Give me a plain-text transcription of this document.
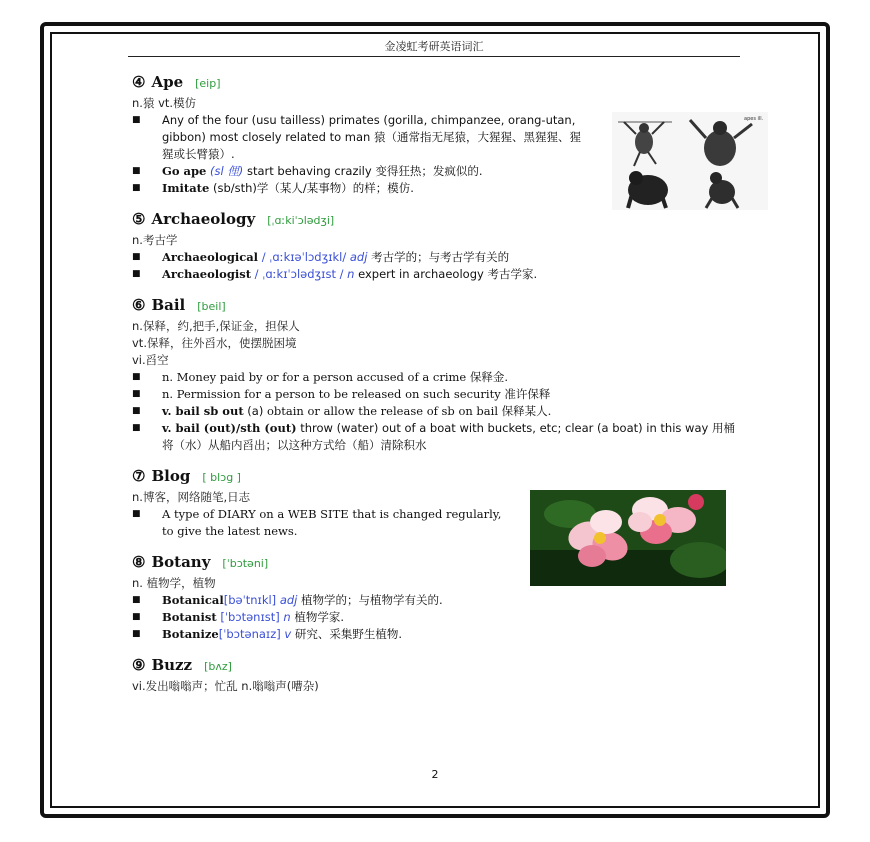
金凌虹考研英语词汇
④ Ape [eip]
n.猿 vt.模仿
■ Any of the four (usu tailless) primates (gorilla, chimpanzee, orang-utan, gibbon) most closely related to man 猿（通常指无尾猿，大猩猩、黑猩猩、猩猩或长臂猿）.
■ Go ape (sl 俚) start behaving crazily 变得狂热；发疯似的.
■ Imitate (sb/sth)学（某人/某事物）的样；模仿.
⑤ Archaeology [ˌɑːkiˈɔlədʒi]
n.考古学
■ Archaeological / ˌɑːkɪəˈlɔdʒɪkl/ adj 考古学的；与考古学有关的
■ Archaeologist / ˌɑːkɪˈɔlədʒɪst / n expert in archaeology 考古学家.
⑥ Bail [beil]
n.保释，约,把手,保证金，担保人
vt.保释，往外舀水，使摆脱困境
vi.舀空
■ n. Money paid by or for a person accused of a crime 保释金.
■ n. Permission for a person to be released on such security 准许保释
■ v. bail sb out (a) obtain or allow the release of sb on bail 保释某人.
■ v. bail (out)/sth (out) throw (water) out of a boat with buckets, etc; clear (a boat) in this way 用桶将（水）从船内舀出；以这种方式给（船）清除积水
⑦ Blog [ blɔg ]
n.博客，网络随笔,日志
■ A type of DIARY on a WEB SITE that is changed regularly, to give the latest news.
⑧ Botany [ˈbɔtəni]
n. 植物学，植物
■ Botanical[bəˈtnɪkl] adj 植物学的；与植物学有关的.
■ Botanist [ˈbɔtənɪst] n 植物学家.
■ Botanize[ˈbɔtənaɪz] v 研究、采集野生植物.
⑨ Buzz [bʌz]
vi.发出嗡嗡声；忙乱 n.嗡嗡声(嘈杂)
apes ill.
2
